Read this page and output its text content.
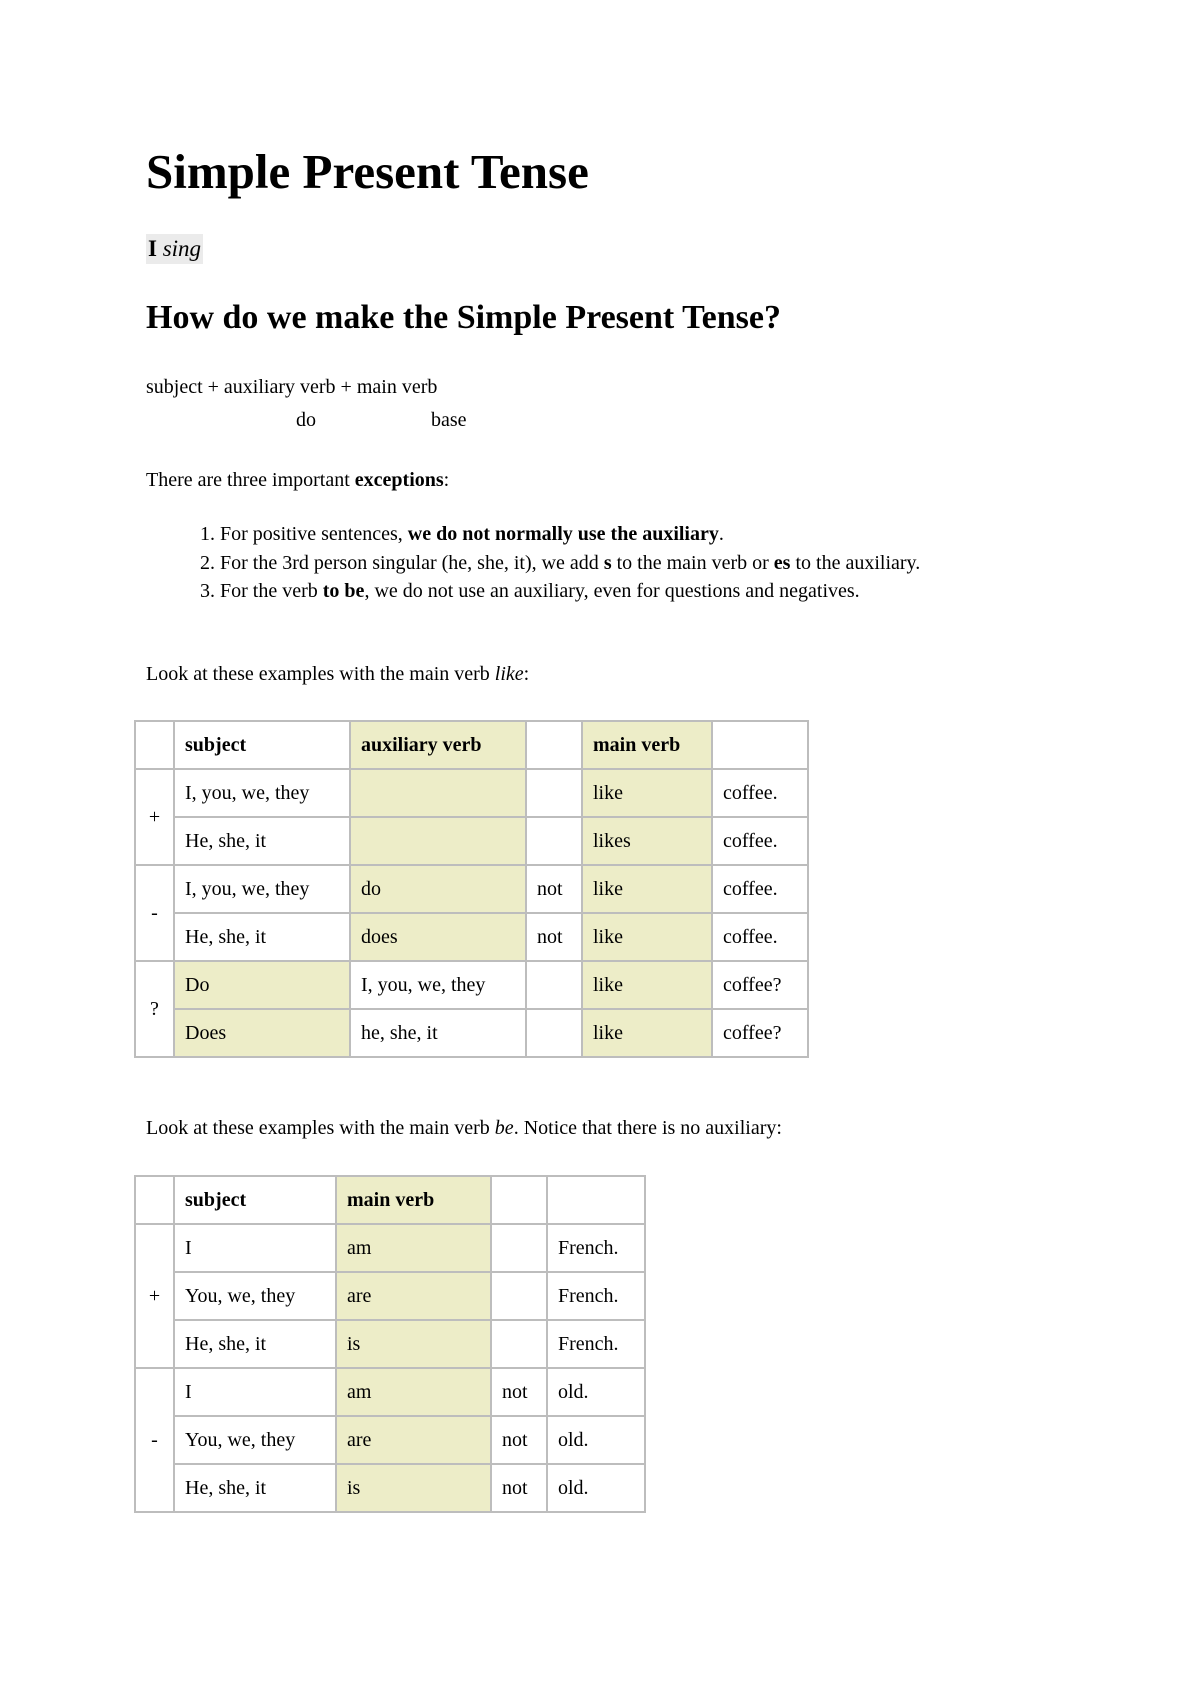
Simple Present Tense
I sing
How do we make the Simple Present Tense?
subject + auxiliary verb + main verb
do	base
There are three important exceptions:
1. For positive sentences, we do not normally use the auxiliary.
2. For the 3rd person singular (he, she, it), we add s to the main verb or es to the auxiliary.
3. For the verb to be, we do not use an auxiliary, even for questions and negatives.
Look at these examples with the main verb like:
	subject	auxiliary verb		main verb	
+	I, you, we, they			like	coffee.
	He, she, it			likes	coffee.
-	I, you, we, they	do	not	like	coffee.
	He, she, it	does	not	like	coffee.
?	Do	I, you, we, they		like	coffee?
	Does	he, she, it		like	coffee?
Look at these examples with the main verb be. Notice that there is no auxiliary:
	subject	main verb		
+	I	am		French.
	You, we, they	are		French.
	He, she, it	is		French.
-	I	am	not	old.
	You, we, they	are	not	old.
	He, she, it	is	not	old.
